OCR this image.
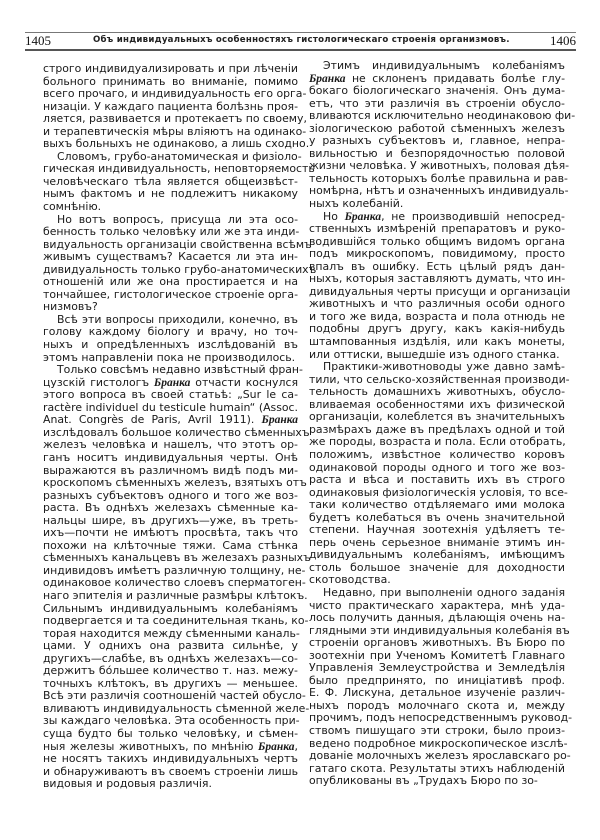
1405	Объ индивидуальныхъ особенностяхъ гистологическаго строенія организмовъ.	1406

строго индивидуализировать и при лѣченіи
больного принимать во вниманіе, помимо
всего прочаго, и индивидуальность его орга-
низаціи. У каждаго пациента болѣзнь проя-
ляется, развивается и протекаетъ по своему,
и терапевтическія мѣры вліяютъ на одинако-
выхъ больныхъ не одинаково, а лишь сходно.

Словомъ, грубо-анатомическая и физіоло-
гическая индивидуальность, неповторяемость
человѣческаго тѣла является общеизвѣст-
нымъ фактомъ и не подлежитъ никакому
сомнѣнію.

Но вотъ вопросъ, присуща ли эта осо-
бенность только человѣку или же эта инди-
видуальность организаціи свойственна всѣмъ
живымъ существамъ? Касается ли эта ин-
дивидуальность только грубо-анатомическихъ
отношеній или же она простирается и на
тончайшее, гистологическое строеніе орга-
низмовъ?

Всѣ эти вопросы приходили, конечно, въ
голову каждому біологу и врачу, но точ-
ныхъ и опредѣленныхъ изслѣдованій въ
этомъ направленіи пока не производилось.

Только совсѣмъ недавно извѣстный фран-
цузскій гистологъ Бранка отчасти коснулся
этого вопроса въ своей статьѣ: „Sur le ca-
ractère individuel du testicule humain“ (Assoc.
Anat. Congrès de Paris, Avril 1911). Бранка
изслѣдовалъ большое количество сѣменныхъ
железъ человѣка и нашелъ, что этотъ ор-
ганъ носитъ индивидуальныя черты. Онѣ
выражаются въ различномъ видѣ подъ ми-
кроскопомъ сѣменныхъ железъ, взятыхъ отъ
разныхъ субъектовъ одного и того же воз-
раста. Въ однѣхъ железахъ сѣменные ка-
нальцы шире, въ другихъ—уже, въ треть-
ихъ—почти не имѣютъ просвѣта, такъ что
похожи на клѣточные тяжи. Сама стѣнка
сѣменныхъ канальцевъ въ железахъ разныхъ
индивидовъ имѣетъ различную толщину, не-
одинаковое количество слоевъ сперматоген-
наго эпителія и различные размѣры клѣтокъ.
Сильнымъ индивидуальнымъ колебаніямъ
подвергается и та соединительная ткань, ко-
торая находится между сѣменными каналь-
цами. У однихъ она развита сильнѣе, у
другихъ—слабѣе, въ однѣхъ железахъ—со-
держитъ бо́льшее количество т. наз. межу-
точныхъ клѣтокъ, въ другихъ — меньшее.
Всѣ эти различія соотношеній частей обусло-
вливаютъ индивидуальность сѣменной желе-
зы каждаго человѣка. Эта особенность при-
суща будто бы только человѣку, и сѣмен-
ныя железы животныхъ, по мнѣнію Бранка,
не носятъ такихъ индивидуальныхъ чертъ
и обнаруживаютъ въ своемъ строеніи лишь
видовыя и родовыя различія.

Этимъ индивидуальнымъ колебаніямъ
Бранка не склоненъ придавать болѣе глу-
бокаго біологическаго значенія. Онъ дума-
етъ, что эти различія въ строеніи обусло-
вливаются исключительно неодинаковою фи-
зіологическою работой сѣменныхъ железъ
у разныхъ субъектовъ и, главное, непра-
вильностью и безпорядочностью половой
жизни человѣка. У животныхъ, половая дѣя-
тельность которыхъ болѣе правильна и рав-
номѣрна, нѣтъ и означенныхъ индивидуаль-
ныхъ колебаній.

Но Бранка, не производившій непосред-
ственныхъ измѣреній препаратовъ и руко-
водившійся только общимъ видомъ органа
подъ микроскопомъ, повидимому, просто
впалъ въ ошибку. Есть цѣлый рядъ дан-
ныхъ, которыя заставляютъ думать, что ин-
дивидуальныя черты присущи и организаціи
животныхъ и что различныя особи одного
и того же вида, возраста и пола отнюдь не
подобны другъ другу, какъ какія-нибудь
штампованныя издѣлія, или какъ монеты,
или оттиски, вышедшіе изъ одного станка.

Практики-животноводы уже давно замѣ-
тили, что сельско-хозяйственная производи-
тельность домашнихъ животныхъ, обусло-
вливаемая особенностями ихъ физической
организаціи, колеблется въ значительныхъ
размѣрахъ даже въ предѣлахъ одной и той
же породы, возраста и пола. Если отобрать,
положимъ, извѣстное количество коровъ
одинаковой породы одного и того же воз-
раста и вѣса и поставить ихъ въ строго
одинаковыя физіологическія условія, то все-
таки количество отдѣляемаго ими молока
будетъ колебаться въ очень значительной
степени. Научная зоотехнія удѣляетъ те-
перь очень серьезное вниманіе этимъ ин-
дивидуальнымъ колебаніямъ, имѣющимъ
столь большое значеніе для доходности
скотоводства.

Недавно, при выполненіи одного заданія
чисто практическаго характера, мнѣ уда-
лось получить данныя, дѣлающія очень на-
глядными эти индивидуальныя колебанія въ
строеніи органовъ животныхъ. Въ Бюро по
зоотехніи при Ученомъ Комитетѣ Главнаго
Управленія Землеустройства и Земледѣлія
было предпринято, по иниціативѣ проф.
Е. Ф. Лискуна, детальное изученіе различ-
ныхъ породъ молочнаго скота и, между
прочимъ, подъ непосредственнымъ руковод-
ствомъ пишущаго эти строки, было произ-
ведено подробное микроскопическое изслѣ-
дованіе молочныхъ железъ ярославскаго ро-
гатаго скота. Результаты этихъ наблюденій
опубликованы въ „Трудахъ Бюро по зо-
